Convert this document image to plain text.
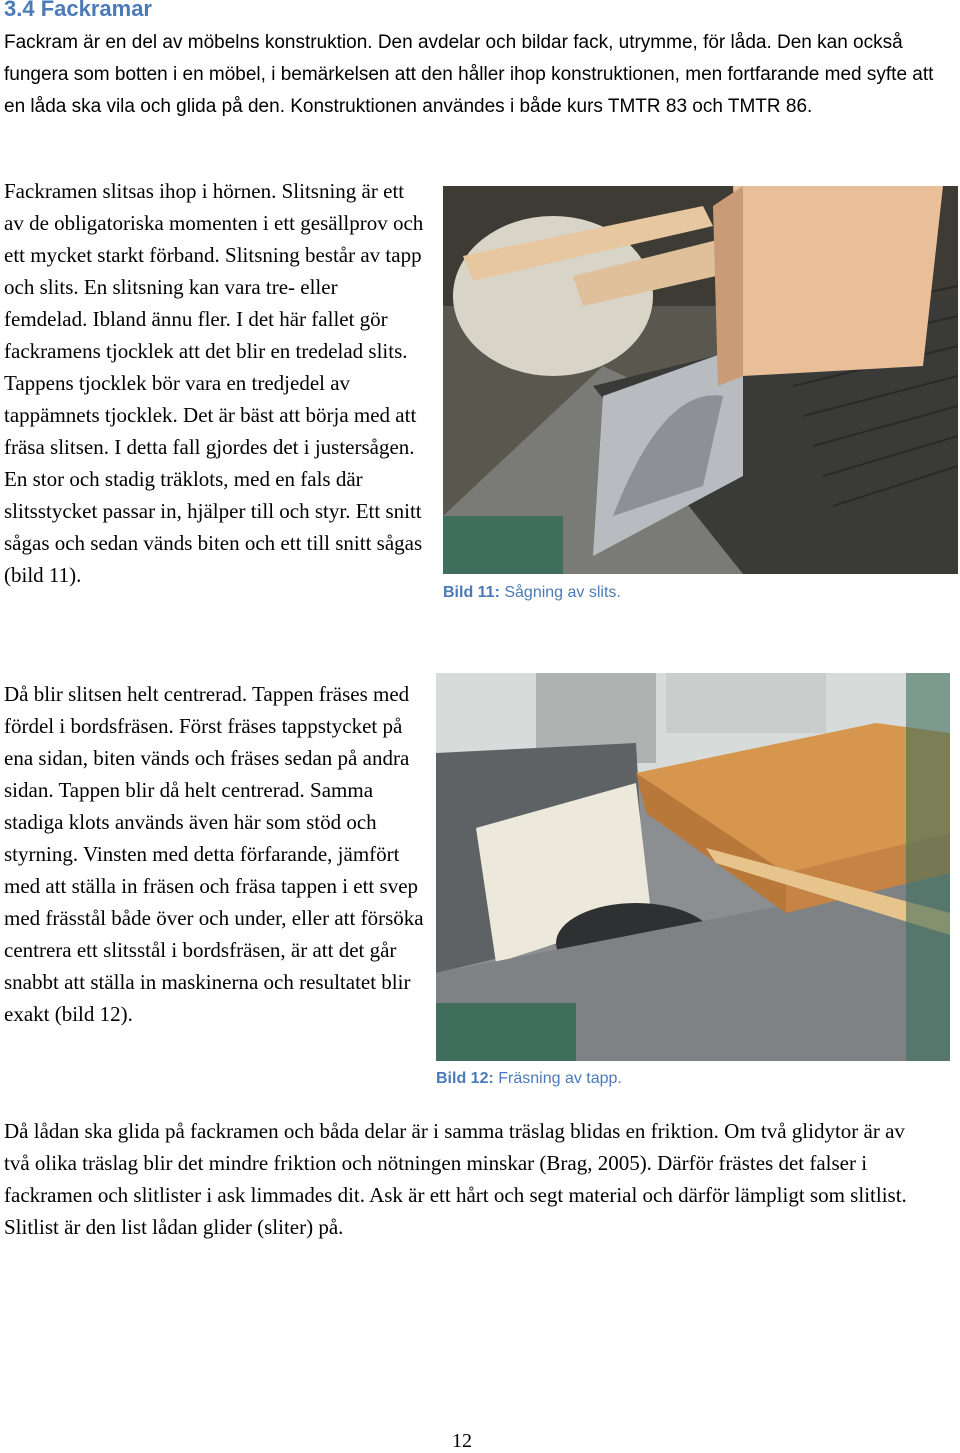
3.4 Fackramar

Fackram är en del av möbelns konstruktion. Den avdelar och bildar fack, utrymme, för låda. Den kan också fungera som botten i en möbel, i bemärkelsen att den håller ihop konstruktionen, men fortfarande med syfte att en låda ska vila och glida på den. Konstruktionen användes i både kurs TMTR 83 och TMTR 86.

Fackramen slitsas ihop i hörnen. Slitsning är ett av de obligatoriska momenten i ett gesällprov och ett mycket starkt förband. Slitsning består av tapp och slits. En slitsning kan vara tre- eller femdelad. Ibland ännu fler. I det här fallet gör fackramens tjocklek att det blir en tredelad slits. Tappens tjocklek bör vara en tredjedel av tappämnets tjocklek. Det är bäst att börja med att fräsa slitsen. I detta fall gjordes det i justersågen. En stor och stadig träklots, med en fals där slitsstycket passar in, hjälper till och styr. Ett snitt sågas och sedan vänds biten och ett till snitt sågas (bild 11).

Bild 11: Sågning av slits.

Då blir slitsen helt centrerad. Tappen fräses med fördel i bordsfräsen. Först fräses tappstycket på ena sidan, biten vänds och fräses sedan på andra sidan. Tappen blir då helt centrerad. Samma stadiga klots används även här som stöd och styrning. Vinsten med detta förfarande, jämfört med att ställa in fräsen och fräsa tappen i ett svep med frässtål både över och under, eller att försöka centrera ett slitsstål i bordsfräsen, är att det går snabbt att ställa in maskinerna och resultatet blir exakt (bild 12).

Bild 12: Fräsning av tapp.

Då lådan ska glida på fackramen och båda delar är i samma träslag blidas en friktion. Om två glidytor är av två olika träslag blir det mindre friktion och nötningen minskar (Brag, 2005). Därför frästes det falser i fackramen och slitlister i ask limmades dit. Ask är ett hårt och segt material och därför lämpligt som slitlist. Slitlist är den list lådan glider (sliter) på.

12
